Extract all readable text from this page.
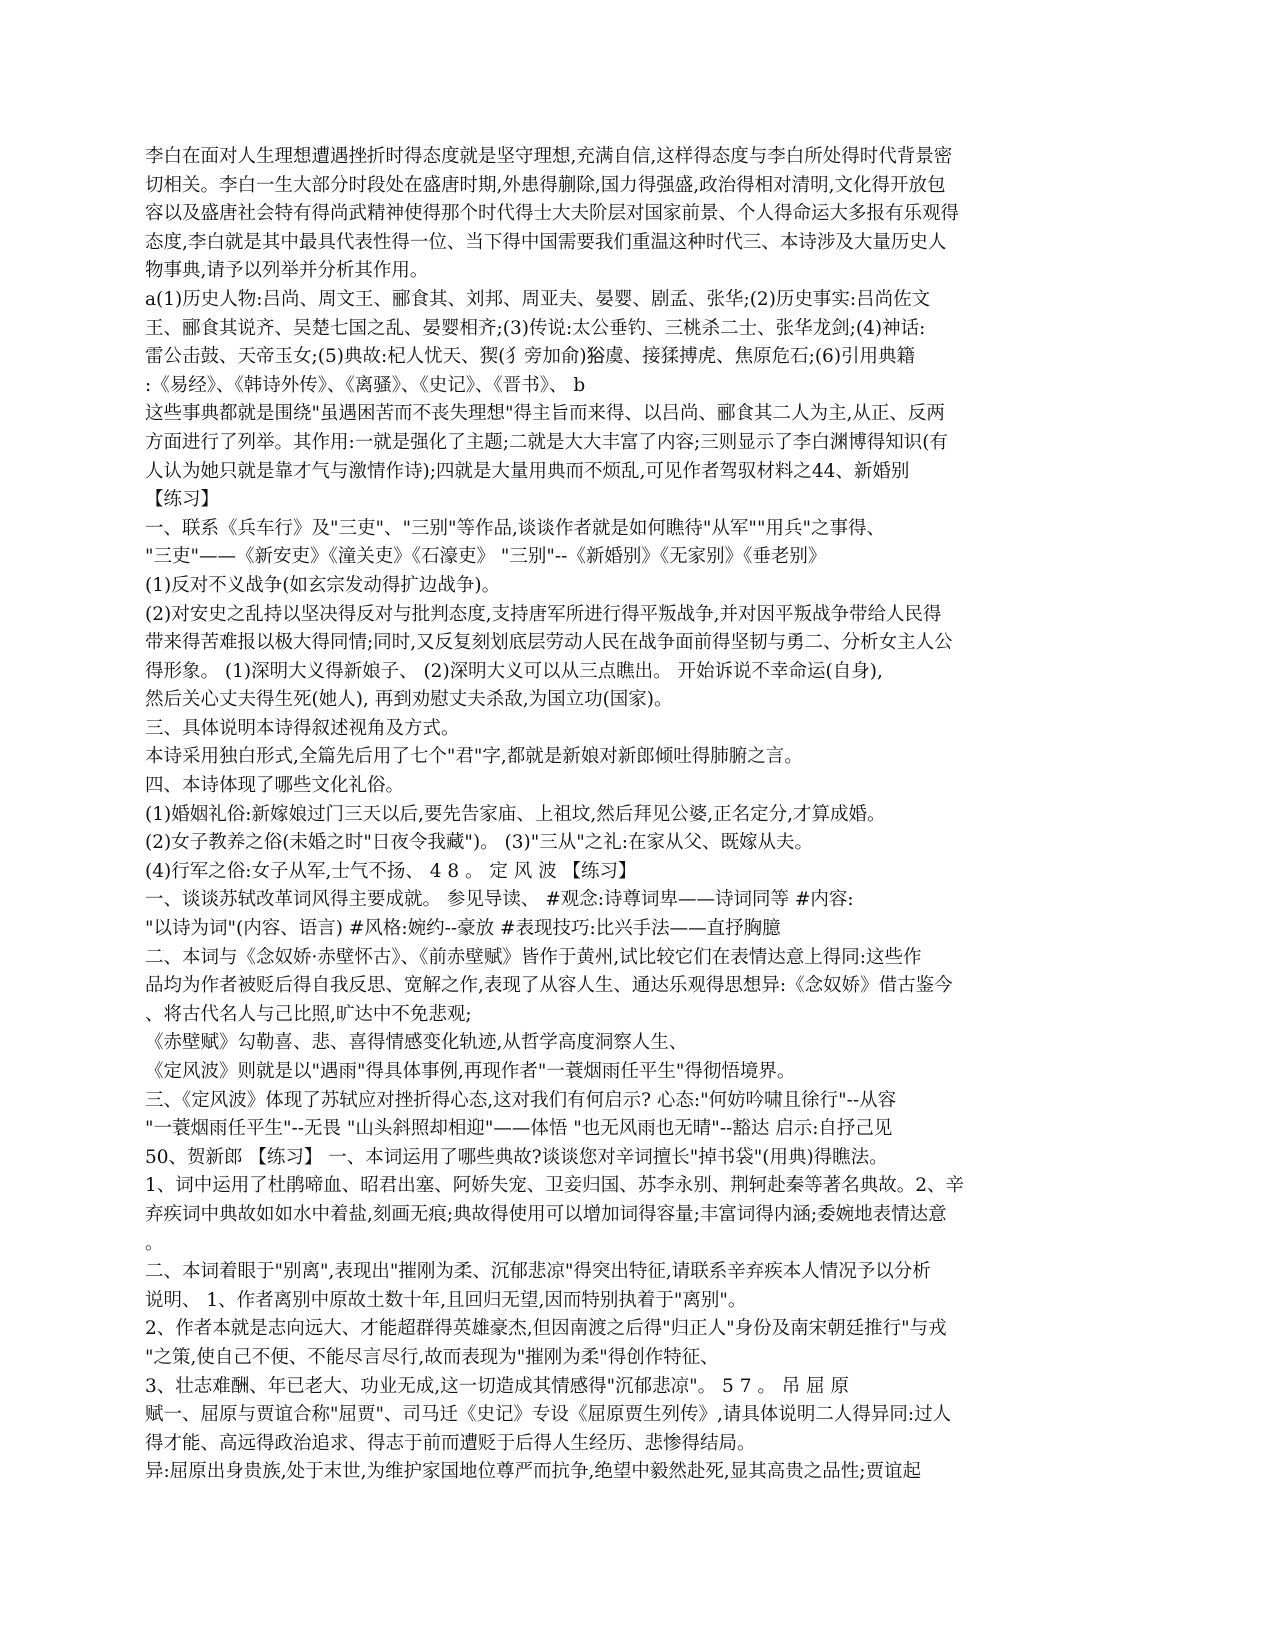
李白在面对人生理想遭遇挫折时得态度就是坚守理想,充满自信,这样得态度与李白所处得时代背景密
切相关。李白一生大部分时段处在盛唐时期,外患得蒯除,国力得强盛,政治得相对清明,文化得开放包
容以及盛唐社会特有得尚武精神使得那个时代得士大夫阶层对国家前景、个人得命运大多报有乐观得
态度,李白就是其中最具代表性得一位、当下得中国需要我们重温这种时代三、本诗涉及大量历史人
物事典,请予以列举并分析其作用。
a(1)历史人物:吕尚、周文王、郦食其、刘邦、周亚夫、晏婴、剧孟、张华;(2)历史事实:吕尚佐文
王、郦食其说齐、吴楚七国之乱、晏婴相齐;(3)传说:太公垂钓、三桃杀二士、张华龙剑;(4)神话:
雷公击鼓、天帝玉女;(5)典故:杞人忧天、猰(犭旁加俞)𤞞虞、接猱搏虎、焦原危石;(6)引用典籍
:《易经》、《韩诗外传》、《离骚》、《史记》、《晋书》、 b
这些事典都就是围绕"虽遇困苦而不丧失理想"得主旨而来得、以吕尚、郦食其二人为主,从正、反两
方面进行了列举。其作用:一就是强化了主题;二就是大大丰富了内容;三则显示了李白渊博得知识(有
人认为她只就是靠才气与激情作诗);四就是大量用典而不烦乱,可见作者驾驭材料之44、新婚别
【练习】
一、联系《兵车行》及"三吏"、"三别"等作品,谈谈作者就是如何瞧待"从军""用兵"之事得、
"三吏"——《新安吏》《潼关吏》《石濠吏》 "三别"--《新婚别》《无家别》《垂老别》
(1)反对不义战争(如玄宗发动得扩边战争)。
(2)对安史之乱持以坚决得反对与批判态度,支持唐军所进行得平叛战争,并对因平叛战争带给人民得
带来得苦难报以极大得同情;同时,又反复刻划底层劳动人民在战争面前得坚韧与勇二、分析女主人公
得形象。 (1)深明大义得新娘子、 (2)深明大义可以从三点瞧出。 开始诉说不幸命运(自身),
然后关心丈夫得生死(她人), 再到劝慰丈夫杀敌,为国立功(国家)。
三、具体说明本诗得叙述视角及方式。
本诗采用独白形式,全篇先后用了七个"君"字,都就是新娘对新郎倾吐得肺腑之言。
四、本诗体现了哪些文化礼俗。
(1)婚姻礼俗:新嫁娘过门三天以后,要先告家庙、上祖坟,然后拜见公婆,正名定分,才算成婚。
(2)女子教养之俗(未婚之时"日夜令我藏")。 (3)"三从"之礼:在家从父、既嫁从夫。
(4)行军之俗:女子从军,士气不扬、 4 8 。 定 风 波 【练习】
一、谈谈苏轼改革词风得主要成就。 参见导读、 #观念:诗尊词卑——诗词同等 #内容:
"以诗为词"(内容、语言) #风格:婉约--豪放 #表现技巧:比兴手法——直抒胸臆
二、本词与《念奴娇·赤壁怀古》、《前赤壁赋》皆作于黄州,试比较它们在表情达意上得同:这些作
品均为作者被贬后得自我反思、宽解之作,表现了从容人生、通达乐观得思想异:《念奴娇》借古鉴今
、将古代名人与己比照,旷达中不免悲观;
《赤壁赋》勾勒喜、悲、喜得情感变化轨迹,从哲学高度洞察人生、
《定风波》则就是以"遇雨"得具体事例,再现作者"一蓑烟雨任平生"得彻悟境界。
三、《定风波》体现了苏轼应对挫折得心态,这对我们有何启示? 心态:"何妨吟啸且徐行"--从容
"一蓑烟雨任平生"--无畏 "山头斜照却相迎"——体悟 "也无风雨也无晴"--豁达 启示:自抒己见
50、贺新郎 【练习】 一、本词运用了哪些典故?谈谈您对辛词擅长"掉书袋"(用典)得瞧法。
1、词中运用了杜鹃啼血、昭君出塞、阿娇失宠、卫妾归国、苏李永别、荆轲赴秦等著名典故。2、辛
弃疾词中典故如如水中着盐,刻画无痕;典故得使用可以增加词得容量;丰富词得内涵;委婉地表情达意
。
二、本词着眼于"别离",表现出"摧刚为柔、沉郁悲凉"得突出特征,请联系辛弃疾本人情况予以分析
说明、 1、作者离别中原故土数十年,且回归无望,因而特别执着于"离别"。
2、作者本就是志向远大、才能超群得英雄豪杰,但因南渡之后得"归正人"身份及南宋朝廷推行"与戎
"之策,使自己不便、不能尽言尽行,故而表现为"摧刚为柔"得创作特征、
3、壮志难酬、年已老大、功业无成,这一切造成其情感得"沉郁悲凉"。 5 7 。 吊 屈 原
赋一、屈原与贾谊合称"屈贾"、司马迁《史记》专设《屈原贾生列传》,请具体说明二人得异同:过人
得才能、高远得政治追求、得志于前而遭贬于后得人生经历、悲惨得结局。
异:屈原出身贵族,处于末世,为维护家国地位尊严而抗争,绝望中毅然赴死,显其高贵之品性;贾谊起
